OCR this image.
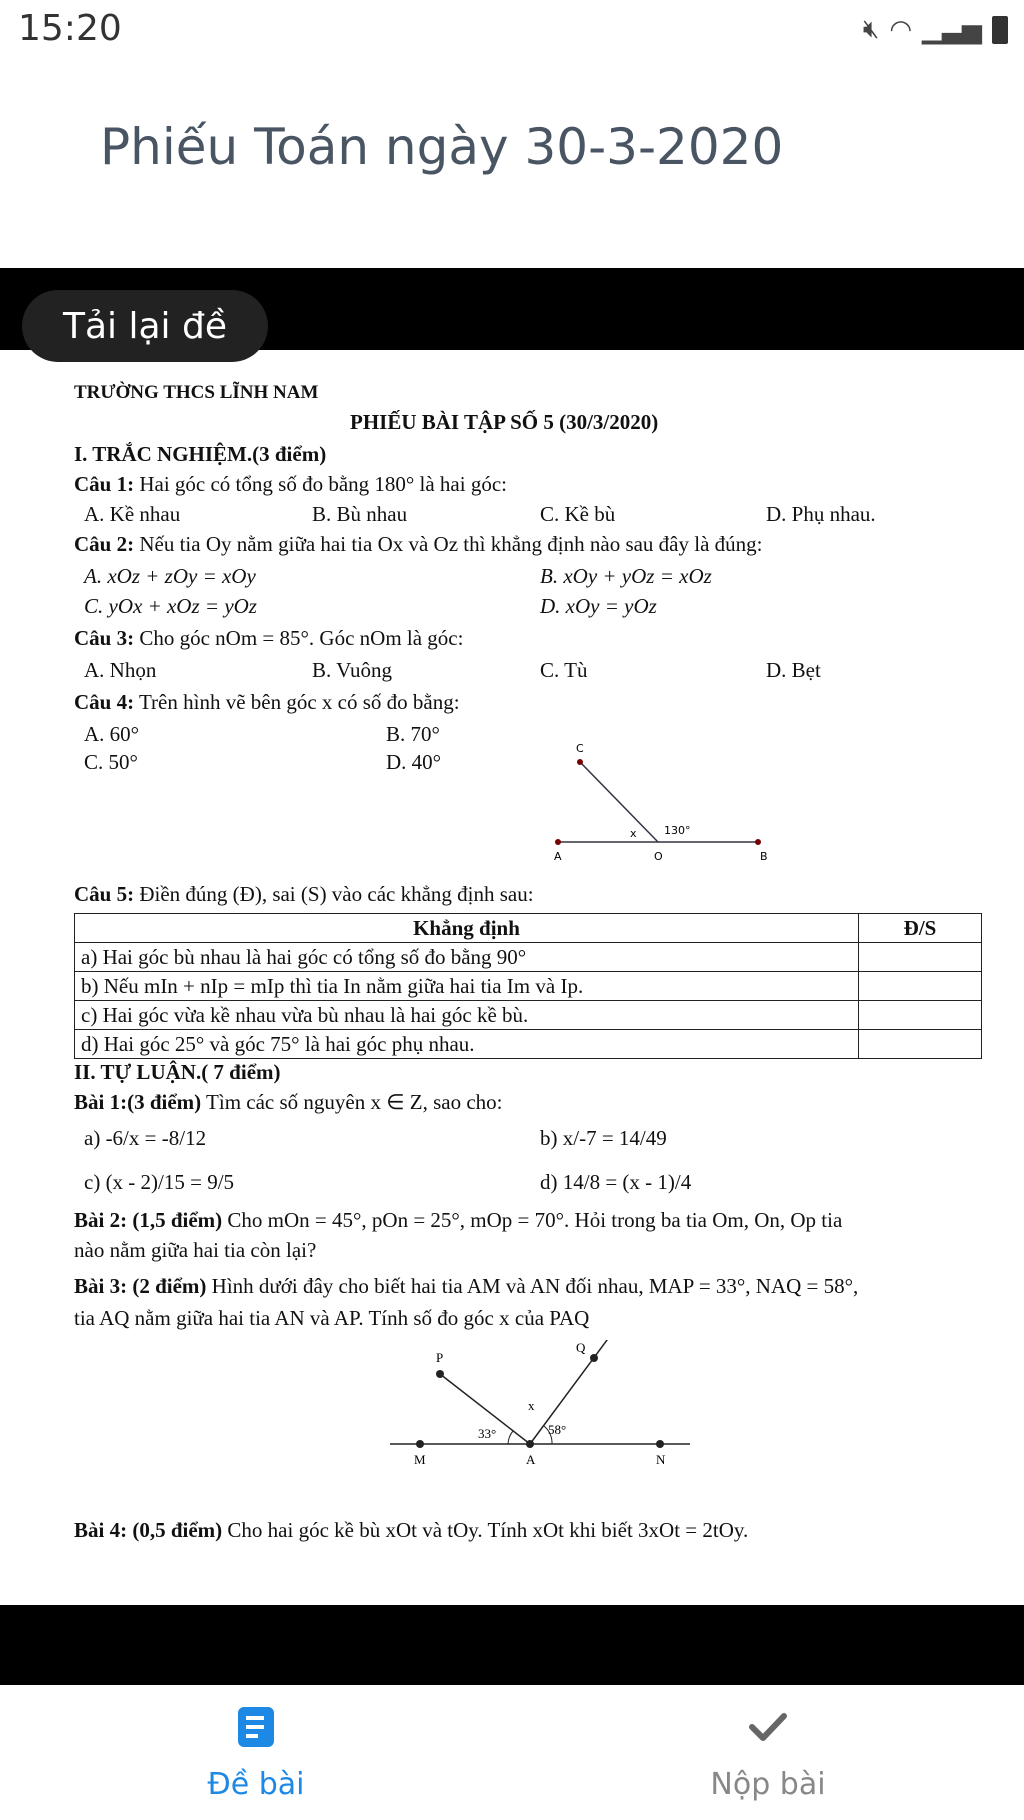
15:20	🔇︎ ◠ ▁▃▅
Phiếu Toán ngày 30-3-2020
Tải lại đề
TRƯỜNG THCS LĨNH NAM
PHIẾU BÀI TẬP SỐ 5 (30/3/2020)
I. TRẮC NGHIỆM.(3 điểm)
Câu 1: Hai góc có tổng số đo bằng 180° là hai góc:
A. Kề nhau	B. Bù nhau	C. Kề bù	D. Phụ nhau.
Câu 2: Nếu tia Oy nằm giữa hai tia Ox và Oz thì khẳng định nào sau đây là đúng:
A. xOz + zOy = xOy	B. xOy + yOz = xOz
C. yOx + xOz = yOz	D. xOy = yOz
Câu 3: Cho góc nOm = 85°. Góc nOm là góc:
A. Nhọn	B. Vuông	C. Tù	D. Bẹt
Câu 4: Trên hình vẽ bên góc x có số đo bằng:
A. 60°	B. 70°
C. 50°	D. 40°
C
x 130°
A	O	B
Câu 5: Điền đúng (Đ), sai (S) vào các khẳng định sau:
Khẳng định	Đ/S
a) Hai góc bù nhau là hai góc có tổng số đo bằng 90°	
b) Nếu mIn + nIp = mIp thì tia In nằm giữa hai tia Im và Ip.	
c) Hai góc vừa kề nhau vừa bù nhau là hai góc kề bù.	
d) Hai góc 25° và góc 75° là hai góc phụ nhau.	
II. TỰ LUẬN.( 7 điểm)
Bài 1:(3 điểm) Tìm các số nguyên x ∈ Z, sao cho:
a) -6/x = -8/12	b) x/-7 = 14/49
c) (x - 2)/15 = 9/5	d) 14/8 = (x - 1)/4
Bài 2: (1,5 điểm) Cho mOn = 45°, pOn = 25°, mOp = 70°. Hỏi trong ba tia Om, On, Op tia
nào nằm giữa hai tia còn lại?
Bài 3: (2 điểm) Hình dưới đây cho biết hai tia AM và AN đối nhau, MAP = 33°, NAQ = 58°,
tia AQ nằm giữa hai tia AN và AP. Tính số đo góc x của PAQ
P
Q
x
33°	58°
M	A	N
Bài 4: (0,5 điểm) Cho hai góc kề bù xOt và tOy. Tính xOt khi biết 3xOt = 2tOy.
Đề bài	Nộp bài
